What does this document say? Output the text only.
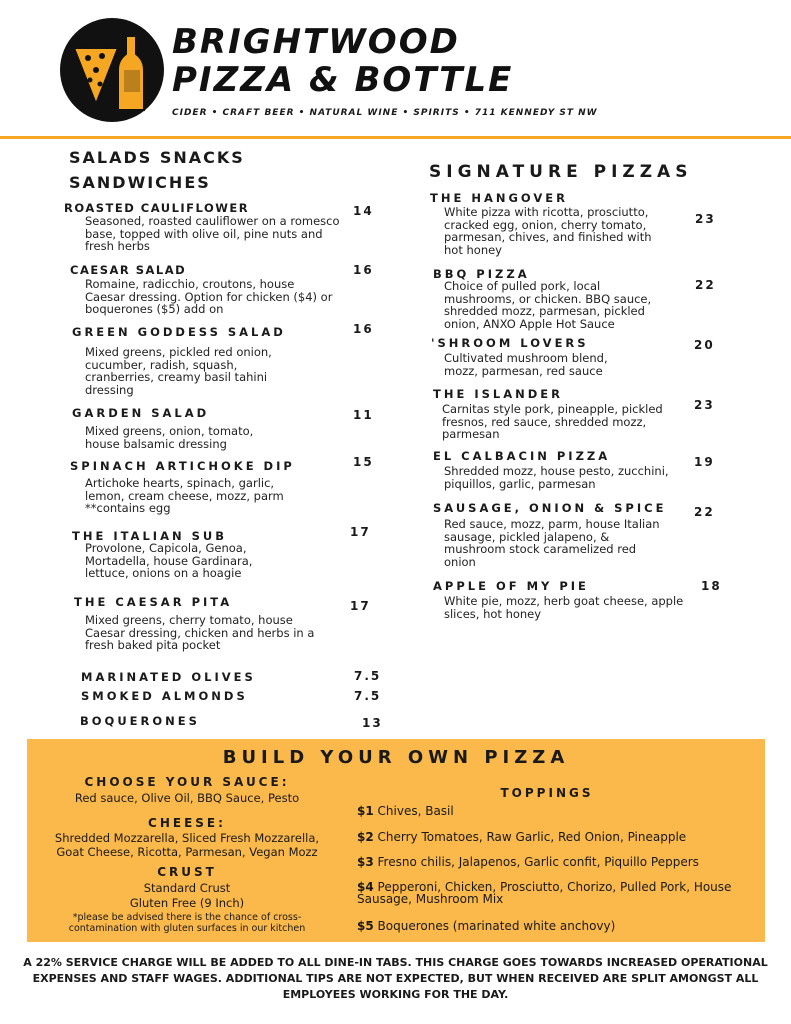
BRIGHTWOOD
PIZZA & BOTTLE
CIDER • CRAFT BEER • NATURAL WINE • SPIRITS • 711 KENNEDY ST NW
SALADS SNACKS
SANDWICHES
ROASTED CAULIFLOWER	14
Seasoned, roasted cauliflower on a romesco base, topped with olive oil, pine nuts and fresh herbs
CAESAR SALAD	16
Romaine, radicchio, croutons, house Caesar dressing. Option for chicken ($4) or boquerones ($5) add on
GREEN GODDESS SALAD	16
Mixed greens, pickled red onion, cucumber, radish, squash, cranberries, creamy basil tahini dressing
GARDEN SALAD	11
Mixed greens, onion, tomato, house balsamic dressing
SPINACH ARTICHOKE DIP	15
Artichoke hearts, spinach, garlic, lemon, cream cheese, mozz, parm **contains egg
THE ITALIAN SUB	17
Provolone, Capicola, Genoa, Mortadella, house Gardinara, lettuce, onions on a hoagie
THE CAESAR PITA	17
Mixed greens, cherry tomato, house Caesar dressing, chicken and herbs in a fresh baked pita pocket
MARINATED OLIVES	7.5
SMOKED ALMONDS	7.5
BOQUERONES	13
SIGNATURE PIZZAS
THE HANGOVER
23
White pizza with ricotta, prosciutto, cracked egg, onion, cherry tomato, parmesan, chives, and finished with hot honey
BBQ PIZZA
22
Choice of pulled pork, local mushrooms, or chicken. BBQ sauce, shredded mozz, parmesan, pickled onion, ANXO Apple Hot Sauce
'SHROOM LOVERS	20
Cultivated mushroom blend, mozz, parmesan, red sauce
THE ISLANDER
23
Carnitas style pork, pineapple, pickled fresnos, red sauce, shredded mozz, parmesan
EL CALBACIN PIZZA	19
Shredded mozz, house pesto, zucchini, piquillos, garlic, parmesan
SAUSAGE, ONION & SPICE 22
Red sauce, mozz, parm, house Italian sausage, pickled jalapeno, & mushroom stock caramelized red onion
APPLE OF MY PIE	18
White pie, mozz, herb goat cheese, apple slices, hot honey
BUILD YOUR OWN PIZZA
CHOOSE YOUR SAUCE:
Red sauce, Olive Oil, BBQ Sauce, Pesto
CHEESE:
Shredded Mozzarella, Sliced Fresh Mozzarella,
Goat Cheese, Ricotta, Parmesan, Vegan Mozz
CRUST
Standard Crust
Gluten Free (9 Inch)
*please be advised there is the chance of cross-contamination with gluten surfaces in our kitchen
TOPPINGS
$1 Chives, Basil
$2 Cherry Tomatoes, Raw Garlic, Red Onion, Pineapple
$3 Fresno chilis, Jalapenos, Garlic confit, Piquillo Peppers
$4 Pepperoni, Chicken, Prosciutto, Chorizo, Pulled Pork, House Sausage, Mushroom Mix
$5 Boquerones (marinated white anchovy)
A 22% SERVICE CHARGE WILL BE ADDED TO ALL DINE-IN TABS. THIS CHARGE GOES TOWARDS INCREASED OPERATIONAL EXPENSES AND STAFF WAGES. ADDITIONAL TIPS ARE NOT EXPECTED, BUT WHEN RECEIVED ARE SPLIT AMONGST ALL EMPLOYEES WORKING FOR THE DAY.
